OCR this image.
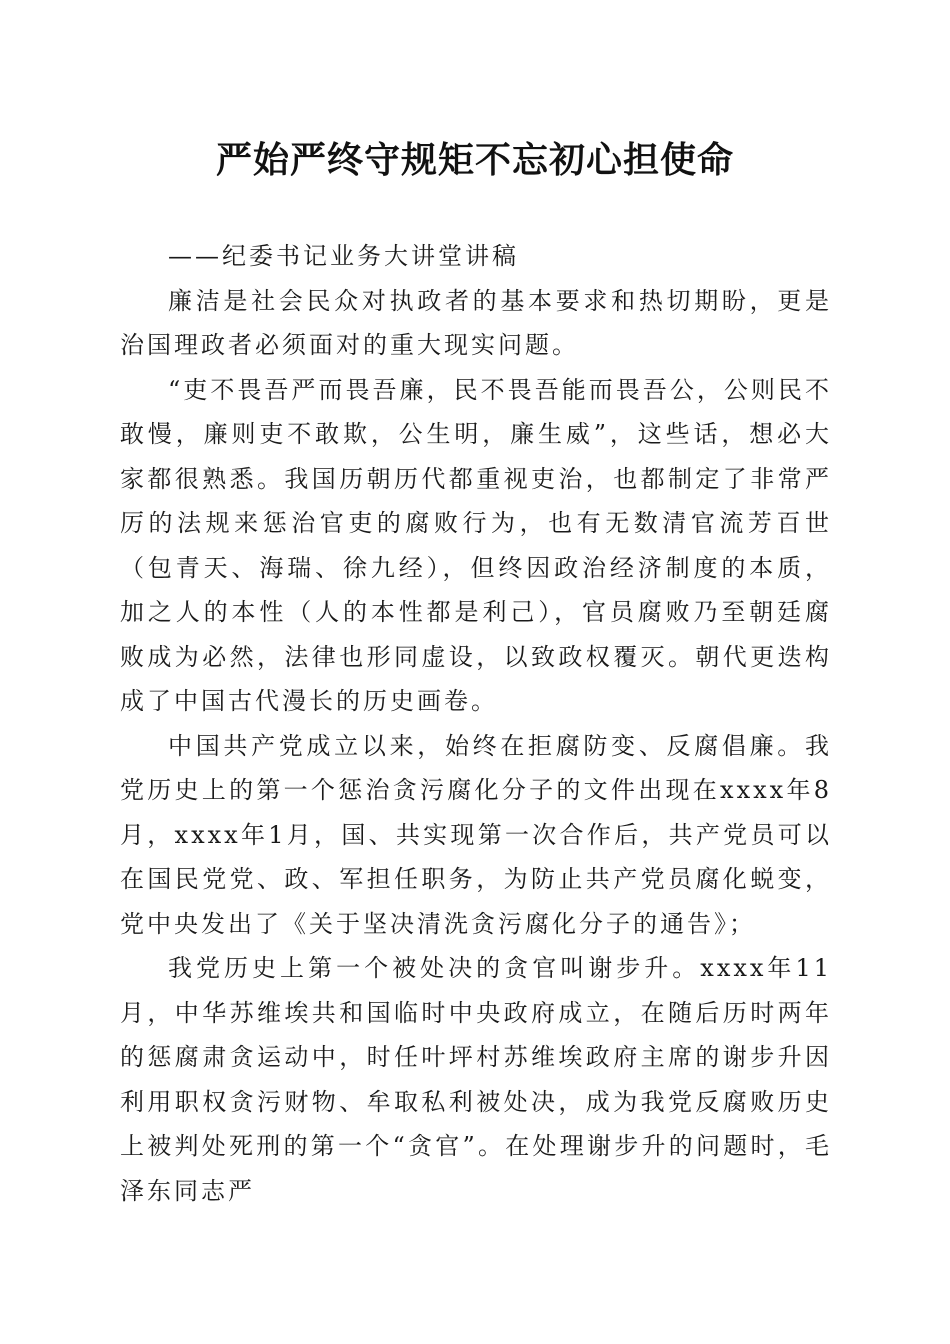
严始严终守规矩不忘初心担使命

——纪委书记业务大讲堂讲稿

廉洁是社会民众对执政者的基本要求和热切期盼，更是治国理政者必须面对的重大现实问题。

“吏不畏吾严而畏吾廉，民不畏吾能而畏吾公，公则民不敢慢，廉则吏不敢欺，公生明，廉生威”，这些话，想必大家都很熟悉。我国历朝历代都重视吏治，也都制定了非常严厉的法规来惩治官吏的腐败行为，也有无数清官流芳百世（包青天、海瑞、徐九经），但终因政治经济制度的本质，加之人的本性（人的本性都是利己），官员腐败乃至朝廷腐败成为必然，法律也形同虚设，以致政权覆灭。朝代更迭构成了中国古代漫长的历史画卷。

中国共产党成立以来，始终在拒腐防变、反腐倡廉。我党历史上的第一个惩治贪污腐化分子的文件出现在xxxx年8月，xxxx年1月，国、共实现第一次合作后，共产党员可以在国民党党、政、军担任职务，为防止共产党员腐化蜕变，党中央发出了《关于坚决清洗贪污腐化分子的通告》；

我党历史上第一个被处决的贪官叫谢步升。xxxx年11月，中华苏维埃共和国临时中央政府成立，在随后历时两年的惩腐肃贪运动中，时任叶坪村苏维埃政府主席的谢步升因利用职权贪污财物、牟取私利被处决，成为我党反腐败历史上被判处死刑的第一个“贪官”。在处理谢步升的问题时，毛泽东同志严
